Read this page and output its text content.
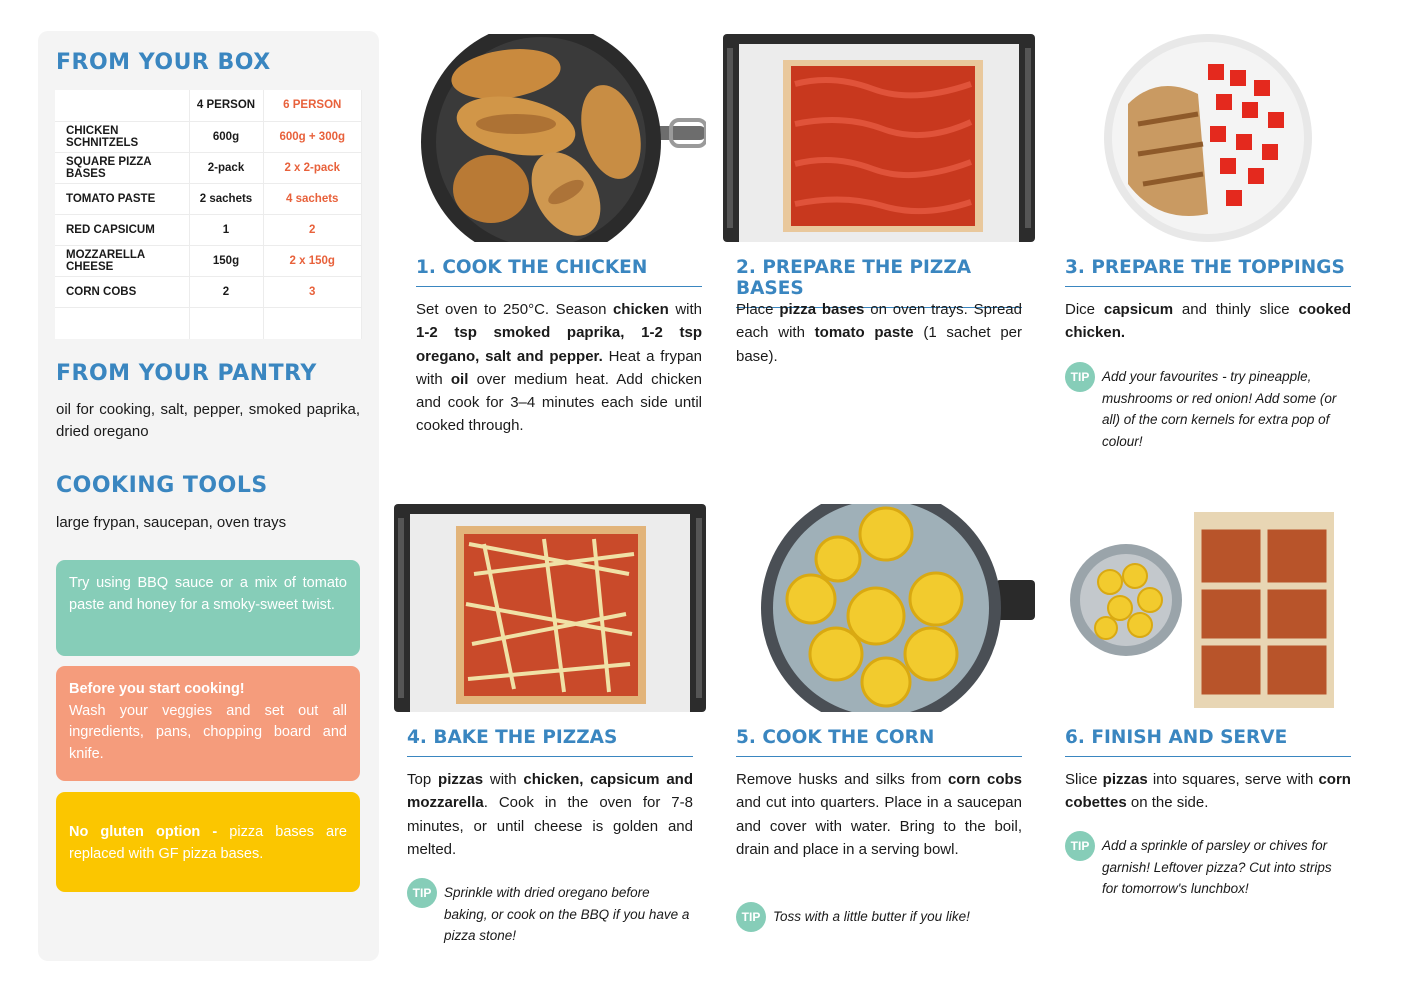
FROM YOUR BOX
	4 PERSON	6 PERSON
CHICKEN SCHNITZELS	600g	600g + 300g
SQUARE PIZZA BASES	2-pack	2 x 2-pack
TOMATO PASTE	2 sachets	4 sachets
RED CAPSICUM	1	2
MOZZARELLA CHEESE	150g	2 x 150g
CORN COBS	2	3

FROM YOUR PANTRY
oil for cooking, salt, pepper, smoked paprika, dried oregano
COOKING TOOLS
large frypan, saucepan, oven trays
Try using BBQ sauce or a mix of tomato paste and honey for a smoky-sweet twist.
Before you start cooking!
Wash your veggies and set out all ingredients, pans, chopping board and knife.
No gluten option - pizza bases are replaced with GF pizza bases.
1. COOK THE CHICKEN
Set oven to 250°C. Season chicken with 1-2 tsp smoked paprika, 1-2 tsp oregano, salt and pepper. Heat a frypan with oil over medium heat. Add chicken and cook for 3–4 minutes each side until cooked through.
2. PREPARE THE PIZZA BASES
Place pizza bases on oven trays. Spread each with tomato paste (1 sachet per base).
3. PREPARE THE TOPPINGS
Dice capsicum and thinly slice cooked chicken.
TIP Add your favourites - try pineapple, mushrooms or red onion! Add some (or all) of the corn kernels for extra pop of colour!
4. BAKE THE PIZZAS
Top pizzas with chicken, capsicum and mozzarella. Cook in the oven for 7-8 minutes, or until cheese is golden and melted.
TIP Sprinkle with dried oregano before baking, or cook on the BBQ if you have a pizza stone!
5. COOK THE CORN
Remove husks and silks from corn cobs and cut into quarters. Place in a saucepan and cover with water. Bring to the boil, drain and place in a serving bowl.
TIP Toss with a little butter if you like!
6. FINISH AND SERVE
Slice pizzas into squares, serve with corn cobettes on the side.
TIP Add a sprinkle of parsley or chives for garnish! Leftover pizza? Cut into strips for tomorrow's lunchbox!
